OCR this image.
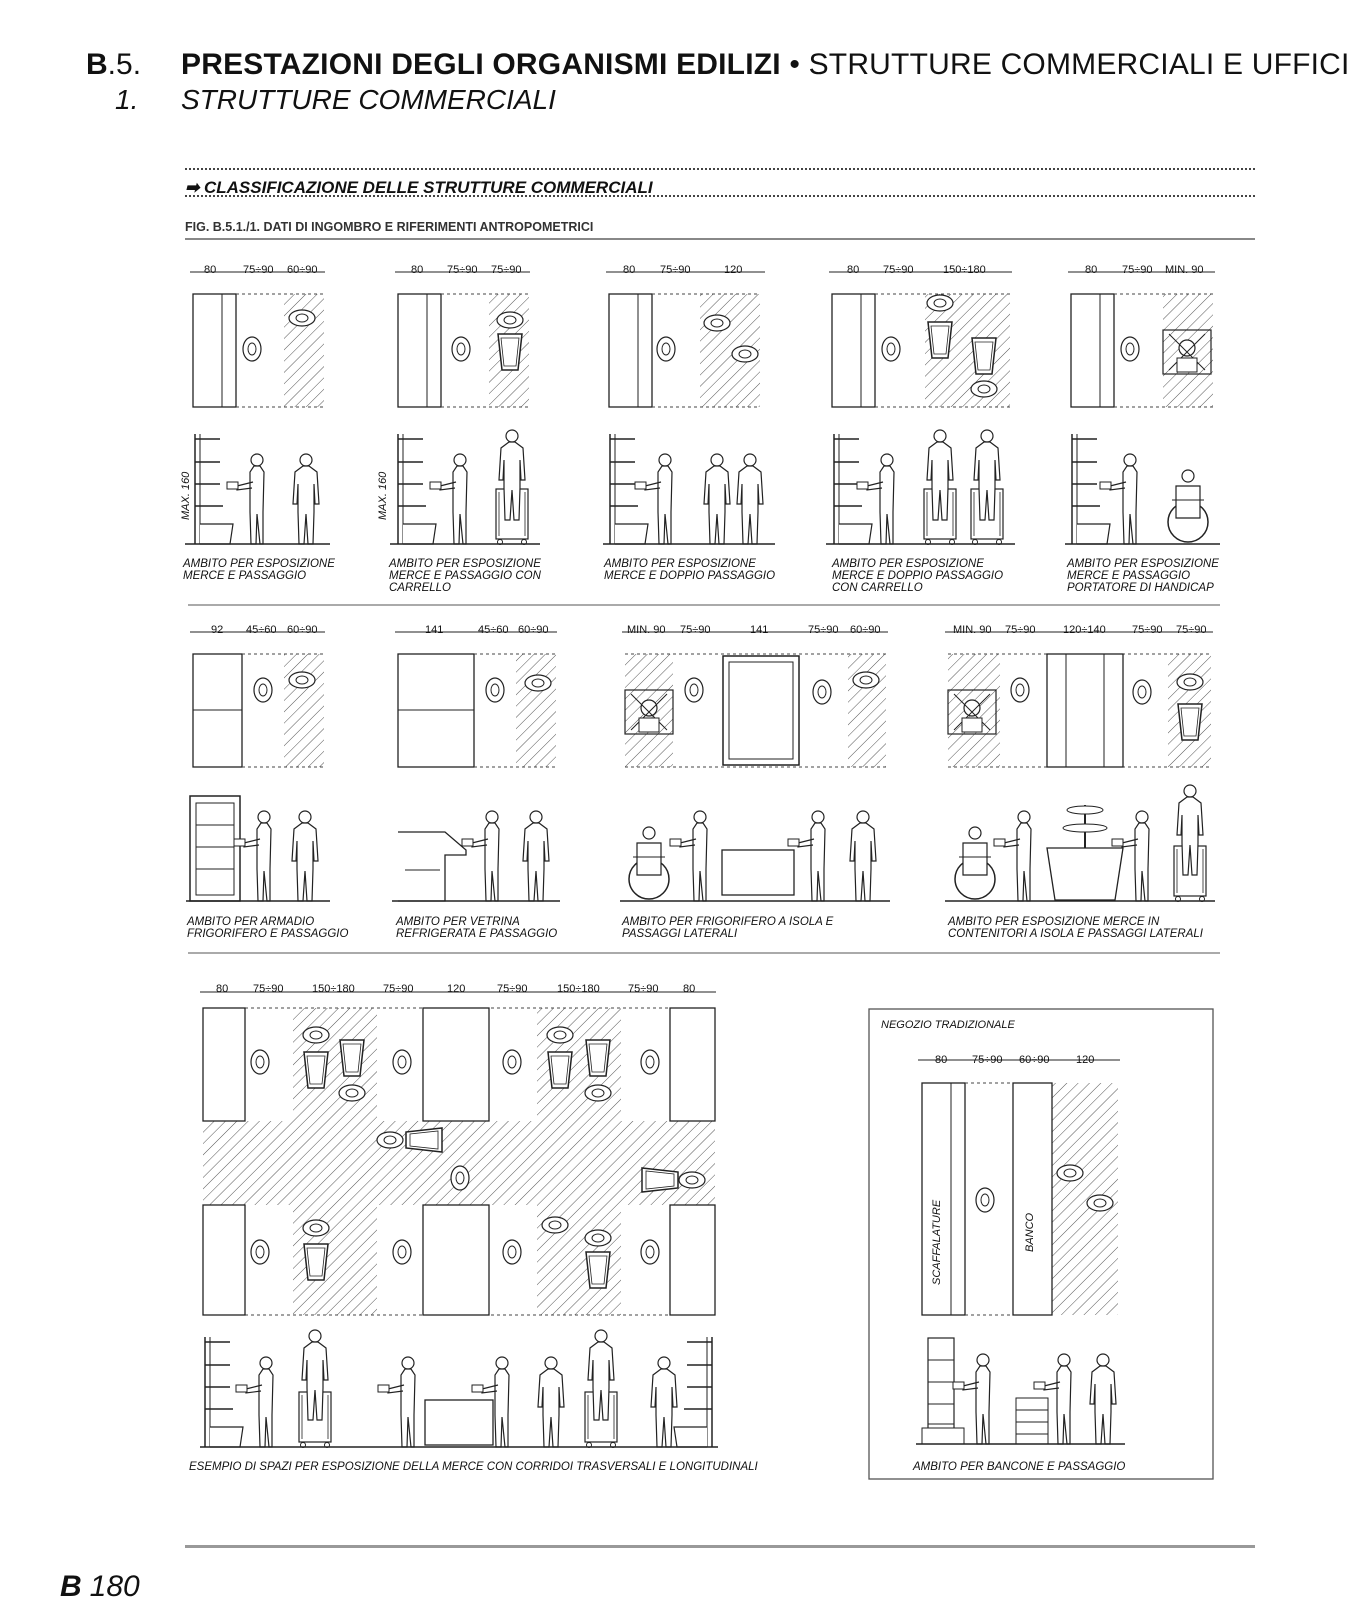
B.5. PRESTAZIONI DEGLI ORGANISMI EDILIZI • STRUTTURE COMMERCIALI E UFFICI
1. STRUTTURE COMMERCIALI
➡ CLASSIFICAZIONE DELLE STRUTTURE COMMERCIALI
FIG. B.5.1./1. DATI DI INGOMBRO E RIFERIMENTI ANTROPOMETRICI
80 75÷90 60÷90	80 75÷90 75÷90	80 75÷90	120	80 75÷90	150÷180	80 75÷90 MIN. 90
MAX. 160	MAX. 160
AMBITO PER ESPOSIZIONE
MERCE E PASSAGGIO
AMBITO PER ESPOSIZIONE
MERCE E PASSAGGIO CON
CARRELLO
AMBITO PER ESPOSIZIONE
MERCE E DOPPIO PASSAGGIO
AMBITO PER ESPOSIZIONE
MERCE E DOPPIO PASSAGGIO
CON CARRELLO
AMBITO PER ESPOSIZIONE
MERCE E PASSAGGIO
PORTATORE DI HANDICAP
92 45÷60 60÷90	141	45÷60 60÷90	MIN. 90 75÷90	141	75÷90 60÷90	MIN. 90 75÷90 120÷140 75÷90 75÷90
AMBITO PER ARMADIO
FRIGORIFERO E PASSAGGIO
AMBITO PER VETRINA
REFRIGERATA E PASSAGGIO
AMBITO PER FRIGORIFERO A ISOLA E
PASSAGGI LATERALI
AMBITO PER ESPOSIZIONE MERCE IN
CONTENITORI A ISOLA E PASSAGGI LATERALI
80 75÷90	150÷180	75÷90	120	75÷90	150÷180	75÷90 80
ESEMPIO DI SPAZI PER ESPOSIZIONE DELLA MERCE CON CORRIDOI TRASVERSALI E LONGITUDINALI
NEGOZIO TRADIZIONALE
80 75÷90 60÷90 120
SCAFFALATURE	BANCO
AMBITO PER BANCONE E PASSAGGIO
B 180
